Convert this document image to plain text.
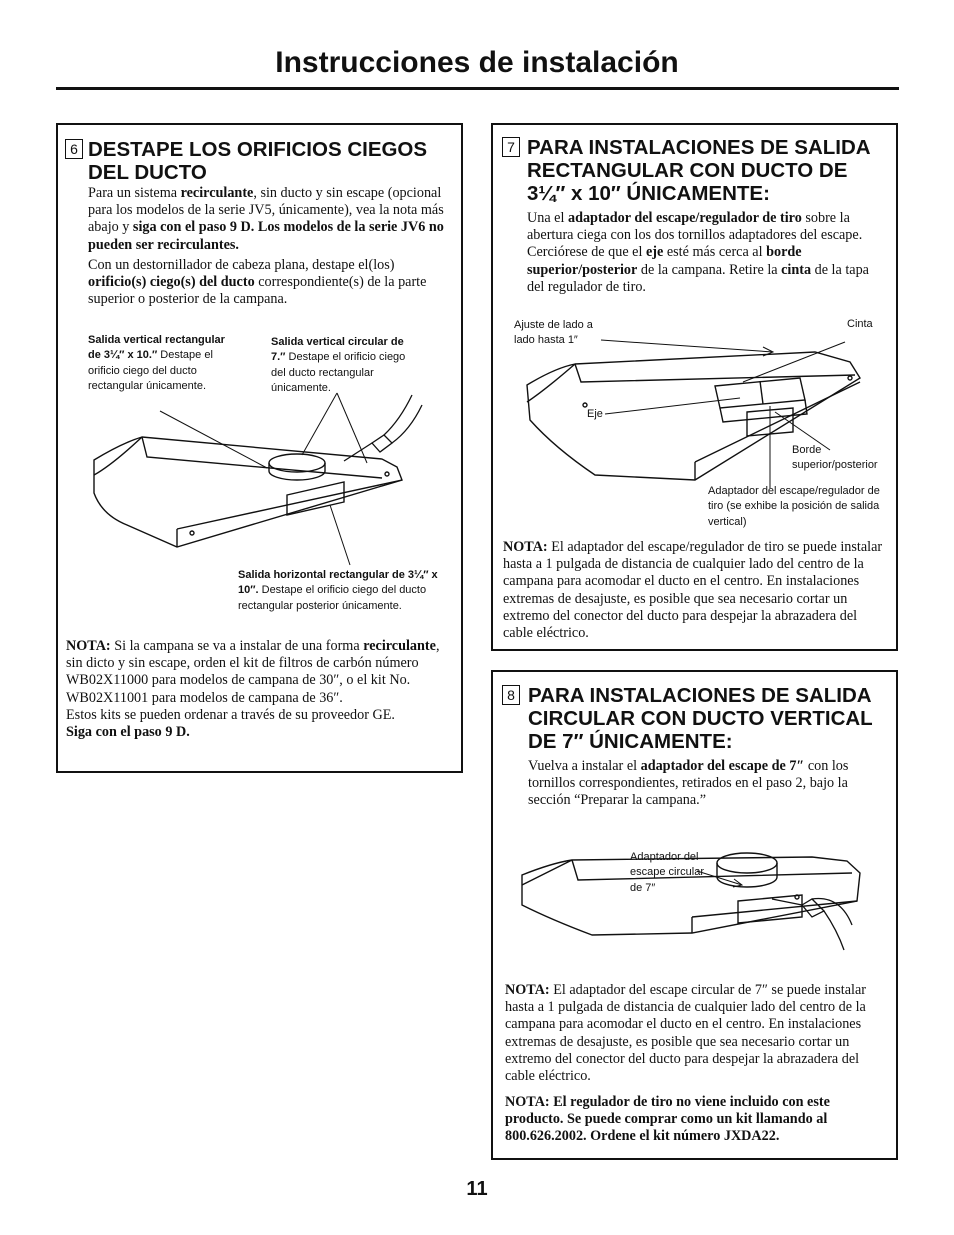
Instrucciones de instalación
6 DESTAPE LOS ORIFICIOS CIEGOS DEL DUCTO

Para un sistema recirculante, sin ducto y sin escape (opcional para los modelos de la serie JV5, únicamente), vea la nota más abajo y siga con el paso 9 D. Los modelos de la serie JV6 no pueden ser recirculantes.

Con un destornillador de cabeza plana, destape el(los) orificio(s) ciego(s) del ducto correspondiente(s) de la parte superior o posterior de la campana.

Salida vertical rectangular de 3¼″ x 10.″ Destape el orificio ciego del ducto rectangular únicamente.

Salida vertical circular de 7.″ Destape el orificio ciego del ducto rectangular únicamente.

Salida horizontal rectangular de 3¼″ x 10″. Destape el orificio ciego del ducto rectangular posterior únicamente.

NOTA: Si la campana se va a instalar de una forma recirculante, sin dicto y sin escape, orden el kit de filtros de carbón número WB02X11000 para modelos de campana de 30″, o el kit No. WB02X11001 para modelos de campana de 36″.
Estos kits se pueden ordenar a través de su proveedor GE.
Siga con el paso 9 D.

7 PARA INSTALACIONES DE SALIDA RECTANGULAR CON DUCTO DE 3¼″ x 10″ ÚNICAMENTE:

Una el adaptador del escape/regulador de tiro sobre la abertura ciega con los dos tornillos adaptadores del escape. Cerciórese de que el eje esté más cerca al borde superior/posterior de la campana. Retire la cinta de la tapa del regulador de tiro.

Ajuste de lado a lado hasta 1″

Cinta

Eje

Borde superior/posterior

Adaptador del escape/regulador de tiro (se exhibe la posición de salida vertical)

NOTA: El adaptador del escape/regulador de tiro se puede instalar hasta a 1 pulgada de distancia de cualquier lado del centro de la campana para acomodar el ducto en el centro. En instalaciones extremas de desajuste, es posible que sea necesario cortar un extremo del conector del ducto para despejar la abrazadera del cable eléctrico.

8 PARA INSTALACIONES DE SALIDA CIRCULAR CON DUCTO VERTICAL DE 7″ ÚNICAMENTE:

Vuelva a instalar el adaptador del escape de 7″ con los tornillos correspondientes, retirados en el paso 2, bajo la sección “Preparar la campana.”

Adaptador del escape circular de 7″

NOTA: El adaptador del escape circular de 7″ se puede instalar hasta a 1 pulgada de distancia de cualquier lado del centro de la campana para acomodar el ducto en el centro. En instalaciones extremas de desajuste, es posible que sea necesario cortar un extremo del conector del ducto para despejar la abrazadera del cable eléctrico.

NOTA: El regulador de tiro no viene incluido con este producto. Se puede comprar como un kit llamando al 800.626.2002. Ordene el kit número JXDA22.

11
